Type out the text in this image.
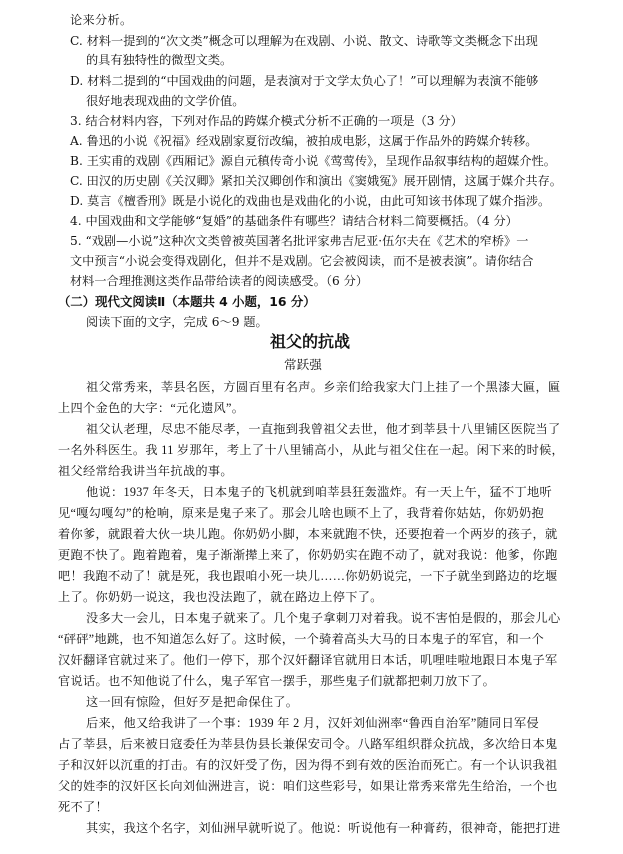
论来分析。
C. 材料一提到的“次文类”概念可以理解为在戏剧、小说、散文、诗歌等文类概念下出现
的具有独特性的微型文类。
D. 材料二提到的“中国戏曲的问题，是表演对于文学太负心了！”可以理解为表演不能够
很好地表现戏曲的文学价值。
3. 结合材料内容，下列对作品的跨媒介模式分析不正确的一项是（3 分）
A. 鲁迅的小说《祝福》经戏剧家夏衍改编，被拍成电影，这属于作品外的跨媒介转移。
B. 王实甫的戏剧《西厢记》源自元稹传奇小说《莺莺传》，呈现作品叙事结构的超媒介性。
C. 田汉的历史剧《关汉卿》紧扣关汉卿创作和演出《窦娥冤》展开剧情，这属于媒介共存。
D. 莫言《檀香刑》既是小说化的戏曲也是戏曲化的小说，由此可知该书体现了媒介指涉。
4. 中国戏曲和文学能够“复婚”的基础条件有哪些？请结合材料二简要概括。（4 分）
5. “戏剧—小说”这种次文类曾被英国著名批评家弗吉尼亚·伍尔夫在《艺术的窄桥》一
文中预言“小说会变得戏剧化，但并不是戏剧。它会被阅读，而不是被表演”。请你结合
材料一合理推测这类作品带给读者的阅读感受。（6 分）
（二）现代文阅读Ⅱ（本题共 4 小题，16 分）
阅读下面的文字，完成 6～9 题。
祖父的抗战
常跃强
祖父常秀来，莘县名医，方圆百里有名声。乡亲们给我家大门上挂了一个黑漆大匾，匾
上四个金色的大字：“元化遗风”。
祖父认老理，尽忠不能尽孝，一直拖到我曾祖父去世，他才到莘县十八里铺区医院当了
一名外科医生。我 11 岁那年，考上了十八里铺高小，从此与祖父住在一起。闲下来的时候，
祖父经常给我讲当年抗战的事。
他说：1937 年冬天，日本鬼子的飞机就到咱莘县狂轰滥炸。有一天上午，猛不丁地听
见“嘎勾嘎勾”的枪响，原来是鬼子来了。那会儿啥也顾不上了，我背着你姑姑，你奶奶抱
着你爹，就跟着大伙一块儿跑。你奶奶小脚，本来就跑不快，还要抱着一个两岁的孩子，就
更跑不快了。跑着跑着，鬼子渐渐撵上来了，你奶奶实在跑不动了，就对我说：他爹，你跑
吧！我跑不动了！就是死，我也跟咱小死一块儿……你奶奶说完，一下子就坐到路边的圪堰
上了。你奶奶一说这，我也没法跑了，就在路边上停下了。
没多大一会儿，日本鬼子就来了。几个鬼子拿刺刀对着我。说不害怕是假的，那会儿心
“砰砰”地跳，也不知道怎么好了。这时候，一个骑着高头大马的日本鬼子的军官，和一个
汉奸翻译官就过来了。他们一停下，那个汉奸翻译官就用日本话，叽哩哇啦地跟日本鬼子军
官说话。也不知他说了什么，鬼子军官一摆手，那些鬼子们就都把刺刀放下了。
这一回有惊险，但好歹是把命保住了。
后来，他又给我讲了一个事：1939 年 2 月，汉奸刘仙洲率“鲁西自治军”随同日军侵
占了莘县，后来被日寇委任为莘县伪县长兼保安司令。八路军组织群众抗战，多次给日本鬼
子和汉奸以沉重的打击。有的汉奸受了伤，因为得不到有效的医治而死亡。有一个认识我祖
父的姓李的汉奸区长向刘仙洲进言，说：咱们这些彩号，如果让常秀来常先生给治，一个也
死不了！
其实，我这个名字，刘仙洲早就听说了。他说：听说他有一种膏药，很神奇，能把打进
